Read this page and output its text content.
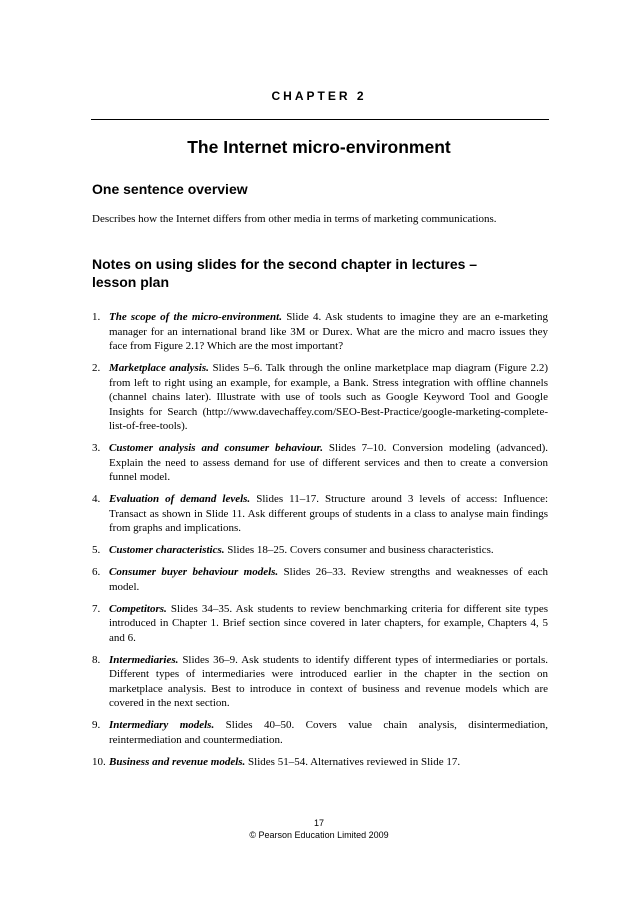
CHAPTER 2
The Internet micro-environment
One sentence overview
Describes how the Internet differs from other media in terms of marketing communications.
Notes on using slides for the second chapter in lectures – lesson plan
1. The scope of the micro-environment. Slide 4. Ask students to imagine they are an e-marketing manager for an international brand like 3M or Durex. What are the micro and macro issues they face from Figure 2.1? Which are the most important?
2. Marketplace analysis. Slides 5–6. Talk through the online marketplace map diagram (Figure 2.2) from left to right using an example, for example, a Bank. Stress integration with offline channels (channel chains later). Illustrate with use of tools such as Google Keyword Tool and Google Insights for Search (http://www.davechaffey.com/SEO-Best-Practice/google-marketing-complete-list-of-free-tools).
3. Customer analysis and consumer behaviour. Slides 7–10. Conversion modeling (advanced). Explain the need to assess demand for use of different services and then to create a conversion funnel model.
4. Evaluation of demand levels. Slides 11–17. Structure around 3 levels of access: Influence: Transact as shown in Slide 11. Ask different groups of students in a class to analyse main findings from graphs and implications.
5. Customer characteristics. Slides 18–25. Covers consumer and business characteristics.
6. Consumer buyer behaviour models. Slides 26–33. Review strengths and weaknesses of each model.
7. Competitors. Slides 34–35. Ask students to review benchmarking criteria for different site types introduced in Chapter 1. Brief section since covered in later chapters, for example, Chapters 4, 5 and 6.
8. Intermediaries. Slides 36–9. Ask students to identify different types of intermediaries or portals. Different types of intermediaries were introduced earlier in the chapter in the section on marketplace analysis. Best to introduce in context of business and revenue models which are covered in the next section.
9. Intermediary models. Slides 40–50. Covers value chain analysis, disintermediation, reintermediation and countermediation.
10. Business and revenue models. Slides 51–54. Alternatives reviewed in Slide 17.
17
© Pearson Education Limited 2009
